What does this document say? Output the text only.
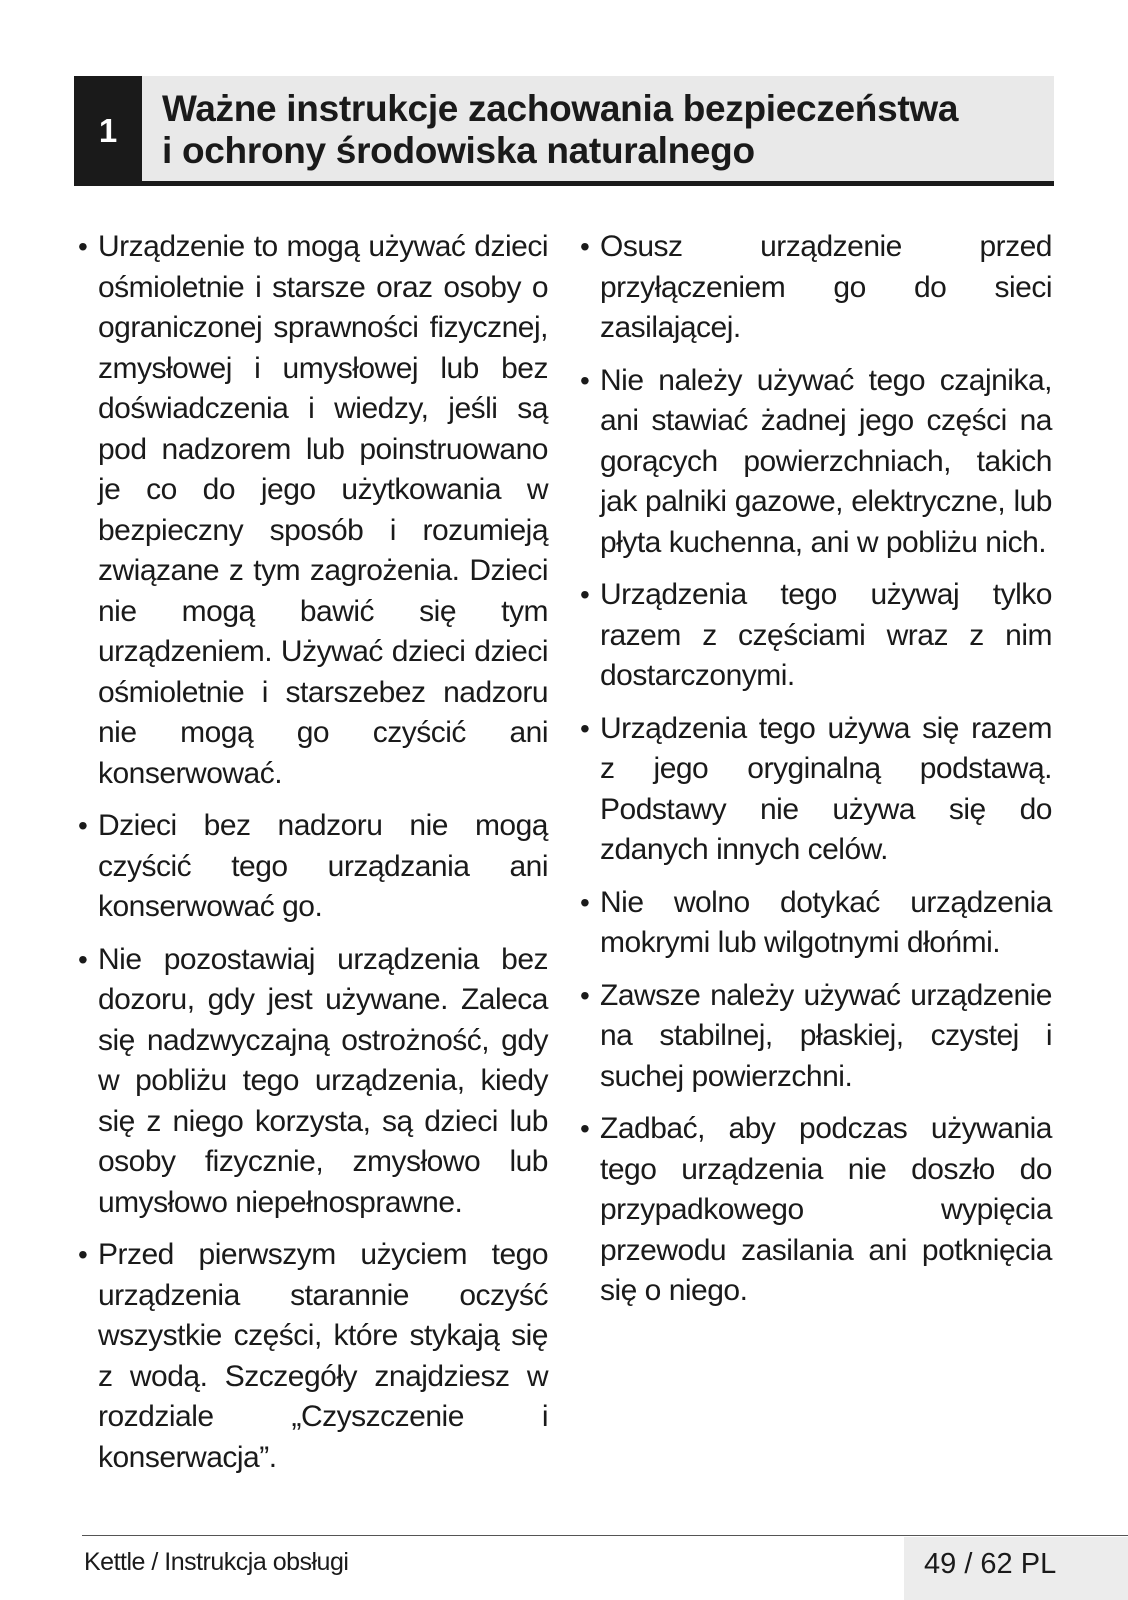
1
Ważne instrukcje zachowania bezpieczeństwa
i ochrony środowiska naturalnego
• Urządzenie to mogą używać dzieci ośmioletnie i starsze oraz osoby o ograniczonej sprawności fizycznej, zmysłowej i umysłowej lub bez doświadczenia i wiedzy, jeśli są pod nadzorem lub poinstruowano je co do jego użytkowania w bezpieczny sposób i rozumieją związane z tym zagrożenia. Dzieci nie mogą bawić się tym urządzeniem. Używać dzieci dzieci ośmioletnie i starszebez nadzoru nie mogą go czyścić ani konserwować.
• Dzieci bez nadzoru nie mogą czyścić tego urządzania ani konserwować go.
• Nie pozostawiaj urządzenia bez dozoru, gdy jest używane. Zaleca się nadzwyczajną ostrożność, gdy w pobliżu tego urządzenia, kiedy się z niego korzysta, są dzieci lub osoby fizycznie, zmysłowo lub umysłowo niepełnosprawne.
• Przed pierwszym użyciem tego urządzenia starannie oczyść wszystkie części, które stykają się z wodą. Szczegóły znajdziesz w rozdziale „Czyszczenie i konserwacja”.
• Osusz urządzenie przed przyłączeniem go do sieci zasilającej.
• Nie należy używać tego czajnika, ani stawiać żadnej jego części na gorących powierzchniach, takich jak palniki gazowe, elektryczne, lub płyta kuchenna, ani w pobliżu nich.
• Urządzenia tego używaj tylko razem z częściami wraz z nim dostarczonymi.
• Urządzenia tego używa się razem z jego oryginalną podstawą. Podstawy nie używa się do zdanych innych celów.
• Nie wolno dotykać urządzenia mokrymi lub wilgotnymi dłońmi.
• Zawsze należy używać urządzenie na stabilnej, płaskiej, czystej i suchej powierzchni.
• Zadbać, aby podczas używania tego urządzenia nie doszło do przypadkowego wypięcia przewodu zasilania ani potknięcia się o niego.
Kettle / Instrukcja obsługi	49 / 62 PL
